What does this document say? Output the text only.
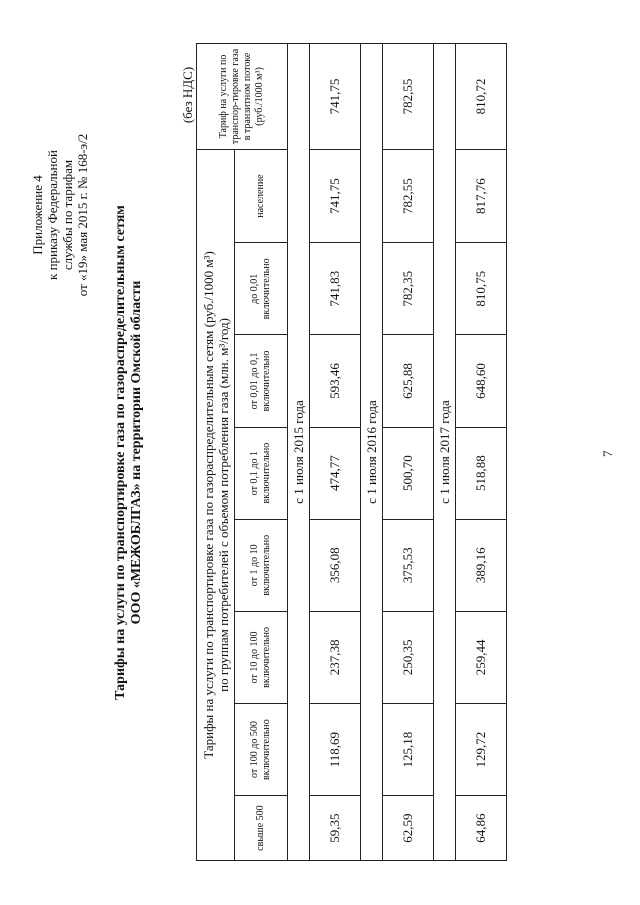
Приложение 4 к приказу Федеральной службы по тарифам от «19» мая 2015 г. № 168-э/2 Тарифы на услуги по транспортировке газа по газораспределительным сетям ООО «МЕЖОБЛГАЗ» на территории Омской области
(без НДС)
Тарифы на услуги по транспортировке газа по газораспределительным сетям (руб./1000 м³) по группам потребителей с объемом потребления газа (млн. м³/год)								Тариф на услуги по транспор-тировке газа в транзитном потоке (руб./1000 м³)
свыше 500	от 100 до 500 включительно	от 10 до 100 включительно	от 1 до 10 включительно	от 0,1 до 1 включительно	от 0,01 до 0,1 включительно	до 0,01 включительно	население	
с 1 июля 2015 года								
59,35	118,69	237,38	356,08	474,77	593,46	741,83	741,75	741,75
с 1 июля 2016 года								
62,59	125,18	250,35	375,53	500,70	625,88	782,35	782,55	782,55
с 1 июля 2017 года								
64,86	129,72	259,44	389,16	518,88	648,60	810,75	817,76	810,72
7
